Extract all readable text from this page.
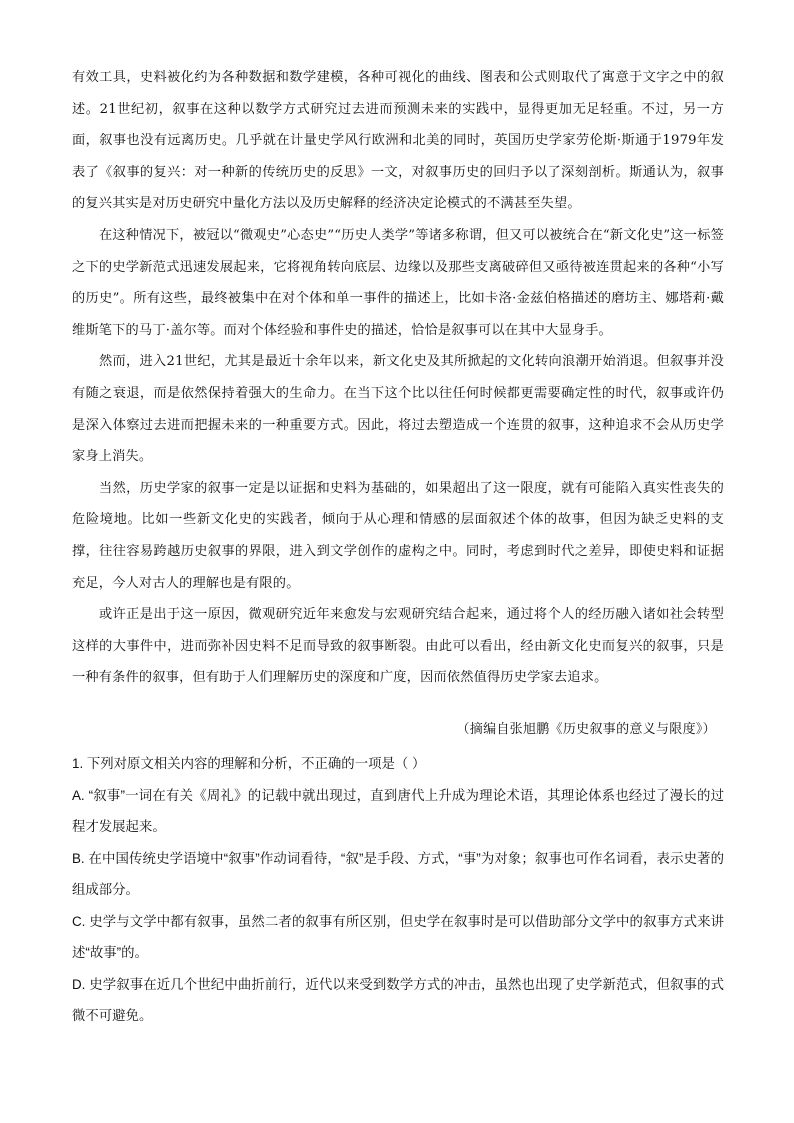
有效工具，史料被化约为各种数据和数学建模，各种可视化的曲线、图表和公式则取代了寓意于文字之中的叙述。21世纪初，叙事在这种以数学方式研究过去进而预测未来的实践中，显得更加无足轻重。不过，另一方面，叙事也没有远离历史。几乎就在计量史学风行欧洲和北美的同时，英国历史学家劳伦斯·斯通于1979年发表了《叙事的复兴：对一种新的传统历史的反思》一文，对叙事历史的回归予以了深刻剖析。斯通认为，叙事的复兴其实是对历史研究中量化方法以及历史解释的经济决定论模式的不满甚至失望。

在这种情况下，被冠以“微观史”心态史”“历史人类学”等诸多称谓，但又可以被统合在“新文化史”这一标签之下的史学新范式迅速发展起来，它将视角转向底层、边缘以及那些支离破碎但又亟待被连贯起来的各种“小写的历史”。所有这些，最终被集中在对个体和单一事件的描述上，比如卡洛·金兹伯格描述的磨坊主、娜塔莉·戴维斯笔下的马丁·盖尔等。而对个体经验和事件史的描述，恰恰是叙事可以在其中大显身手。

然而，进入21世纪，尤其是最近十余年以来，新文化史及其所掀起的文化转向浪潮开始消退。但叙事并没有随之衰退，而是依然保持着强大的生命力。在当下这个比以往任何时候都更需要确定性的时代，叙事或许仍是深入体察过去进而把握未来的一种重要方式。因此，将过去塑造成一个连贯的叙事，这种追求不会从历史学家身上消失。

当然，历史学家的叙事一定是以证据和史料为基础的，如果超出了这一限度，就有可能陷入真实性丧失的危险境地。比如一些新文化史的实践者，倾向于从心理和情感的层面叙述个体的故事，但因为缺乏史料的支撑，往往容易跨越历史叙事的界限，进入到文学创作的虚构之中。同时，考虑到时代之差异，即使史料和证据充足，今人对古人的理解也是有限的。

或许正是出于这一原因，微观研究近年来愈发与宏观研究结合起来，通过将个人的经历融入诸如社会转型这样的大事件中，进而弥补因史料不足而导致的叙事断裂。由此可以看出，经由新文化史而复兴的叙事，只是一种有条件的叙事，但有助于人们理解历史的深度和广度，因而依然值得历史学家去追求。

（摘编自张旭鹏《历史叙事的意义与限度》）

1. 下列对原文相关内容的理解和分析，不正确的一项是（ ）

A. “叙事”一词在有关《周礼》的记载中就出现过，直到唐代上升成为理论术语，其理论体系也经过了漫长的过程才发展起来。

B. 在中国传统史学语境中“叙事”作动词看待，“叙”是手段、方式，“事”为对象；叙事也可作名词看，表示史著的组成部分。

C. 史学与文学中都有叙事，虽然二者的叙事有所区别，但史学在叙事时是可以借助部分文学中的叙事方式来讲述“故事”的。

D. 史学叙事在近几个世纪中曲折前行，近代以来受到数学方式的冲击，虽然也出现了史学新范式，但叙事的式微不可避免。
